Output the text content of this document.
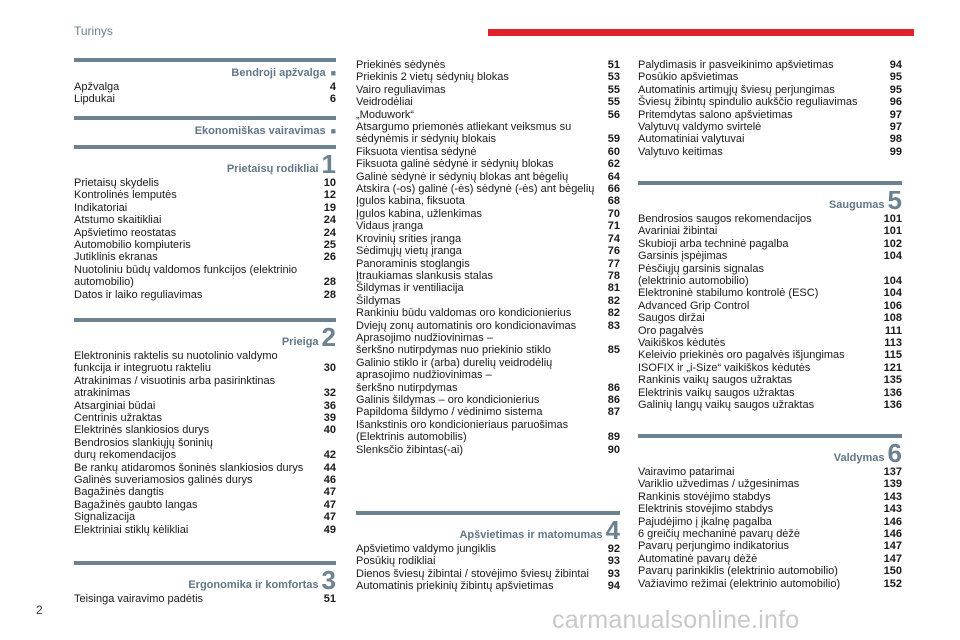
Turinys
Bendroji apžvalga ■
Apžvalga	4
Lipdukai	6
Ekonomiškas vairavimas ■
Prietaisų rodikliai 1
Prietaisų skydelis	10
Kontrolinės lemputės	12
Indikatoriai	19
Atstumo skaitikliai	24
Apšvietimo reostatas	24
Automobilio kompiuteris	25
Jutiklinis ekranas	26
Nuotoliniu būdų valdomos funkcijos (elektrinio
automobilio)	28
Datos ir laiko reguliavimas	28
Prieiga 2
Elektroninis raktelis su nuotolinio valdymo
funkcija ir integruotu rakteliu	30
Atrakinimas / visuotinis arba pasirinktinas
atrakinimas	32
Atsarginiai būdai	36
Centrinis užraktas	39
Elektrinės slankiosios durys	40
Bendrosios slankiųjų šoninių
durų rekomendacijos	42
Be rankų atidaromos šoninės slankiosios durys	44
Galinės suveriamosios galinės durys	46
Bagažinės dangtis	47
Bagažinės gaubto langas	47
Signalizacija	47
Elektriniai stiklų kėlikliai	49
Ergonomika ir komfortas 3
Teisinga vairavimo padėtis	51
Priekinės sėdynės	51
Priekinis 2 vietų sėdynių blokas	53
Vairo reguliavimas	55
Veidrodėliai	55
„Moduwork“	56
Atsargumo priemonės atliekant veiksmus su
sėdynėmis ir sėdynių blokais	59
Fiksuota vientisa sėdynė	60
Fiksuota galinė sėdynė ir sėdynių blokas	62
Galinė sėdynė ir sėdynių blokas ant bėgelių	64
Atskira (-os) galinė (-ės) sėdynė (-ės) ant bėgelių	66
Įgulos kabina, fiksuota	68
Įgulos kabina, užlenkimas	70
Vidaus įranga	71
Krovinių srities įranga	74
Sėdimųjų vietų įranga	76
Panoraminis stoglangis	77
Įtraukiamas slankusis stalas	78
Šildymas ir ventiliacija	81
Šildymas	82
Rankiniu būdu valdomas oro kondicionierius	82
Dviejų zonų automatinis oro kondicionavimas	83
Aprasojimo nudžiovinimas –
šerkšno nutirpdymas nuo priekinio stiklo	85
Galinio stiklo ir (arba) durelių veidrodėlių
aprasojimo nudžiovinimas –
šerkšno nutirpdymas	86
Galinis šildymas – oro kondicionierius	86
Papildoma šildymo / vėdinimo sistema	87
Išankstinis oro kondicionieriaus paruošimas
(Elektrinis automobilis)	89
Slenksčio žibintas(-ai)	90
Apšvietimas ir matomumas 4
Apšvietimo valdymo jungiklis	92
Posūkių rodikliai	93
Dienos šviesų žibintai / stovėjimo šviesų žibintai	93
Automatinis priekinių žibintų apšvietimas	94
Palydimasis ir pasveikinimo apšvietimas	94
Posūkio apšvietimas	95
Automatinis artimųjų šviesų perjungimas	95
Šviesų žibintų spindulio aukščio reguliavimas	96
Pritemdytas salono apšvietimas	97
Valytuvų valdymo svirtelė	97
Automatiniai valytuvai	98
Valytuvo keitimas	99
Saugumas 5
Bendrosios saugos rekomendacijos	101
Avariniai žibintai	101
Skubioji arba techninė pagalba	102
Garsinis įspėjimas	104
Pėsčiųjų garsinis signalas
(elektrinio automobilio)	104
Elektroninė stabilumo kontrolė (ESC)	104
Advanced Grip Control	106
Saugos diržai	108
Oro pagalvės	111
Vaikiškos kėdutės	113
Keleivio priekinės oro pagalvės išjungimas	115
ISOFIX ir „i-Size“ vaikiškos kėdutės	121
Rankinis vaikų saugos užraktas	135
Elektrinis vaikų saugos užraktas	136
Galinių langų vaikų saugos užraktas	136
Valdymas 6
Vairavimo patarimai	137
Variklio užvedimas / užgesinimas	139
Rankinis stovėjimo stabdys	143
Elektrinis stovėjimo stabdys	143
Pajudėjimo į įkalnę pagalba	146
6 greičių mechaninė pavarų dėžė	146
Pavarų perjungimo indikatorius	147
Automatinė pavarų dėžė	147
Pavarų parinkiklis (elektrinio automobilio)	150
Važiavimo režimai (elektrinio automobilio)	152
2	carmanualsonline.info
